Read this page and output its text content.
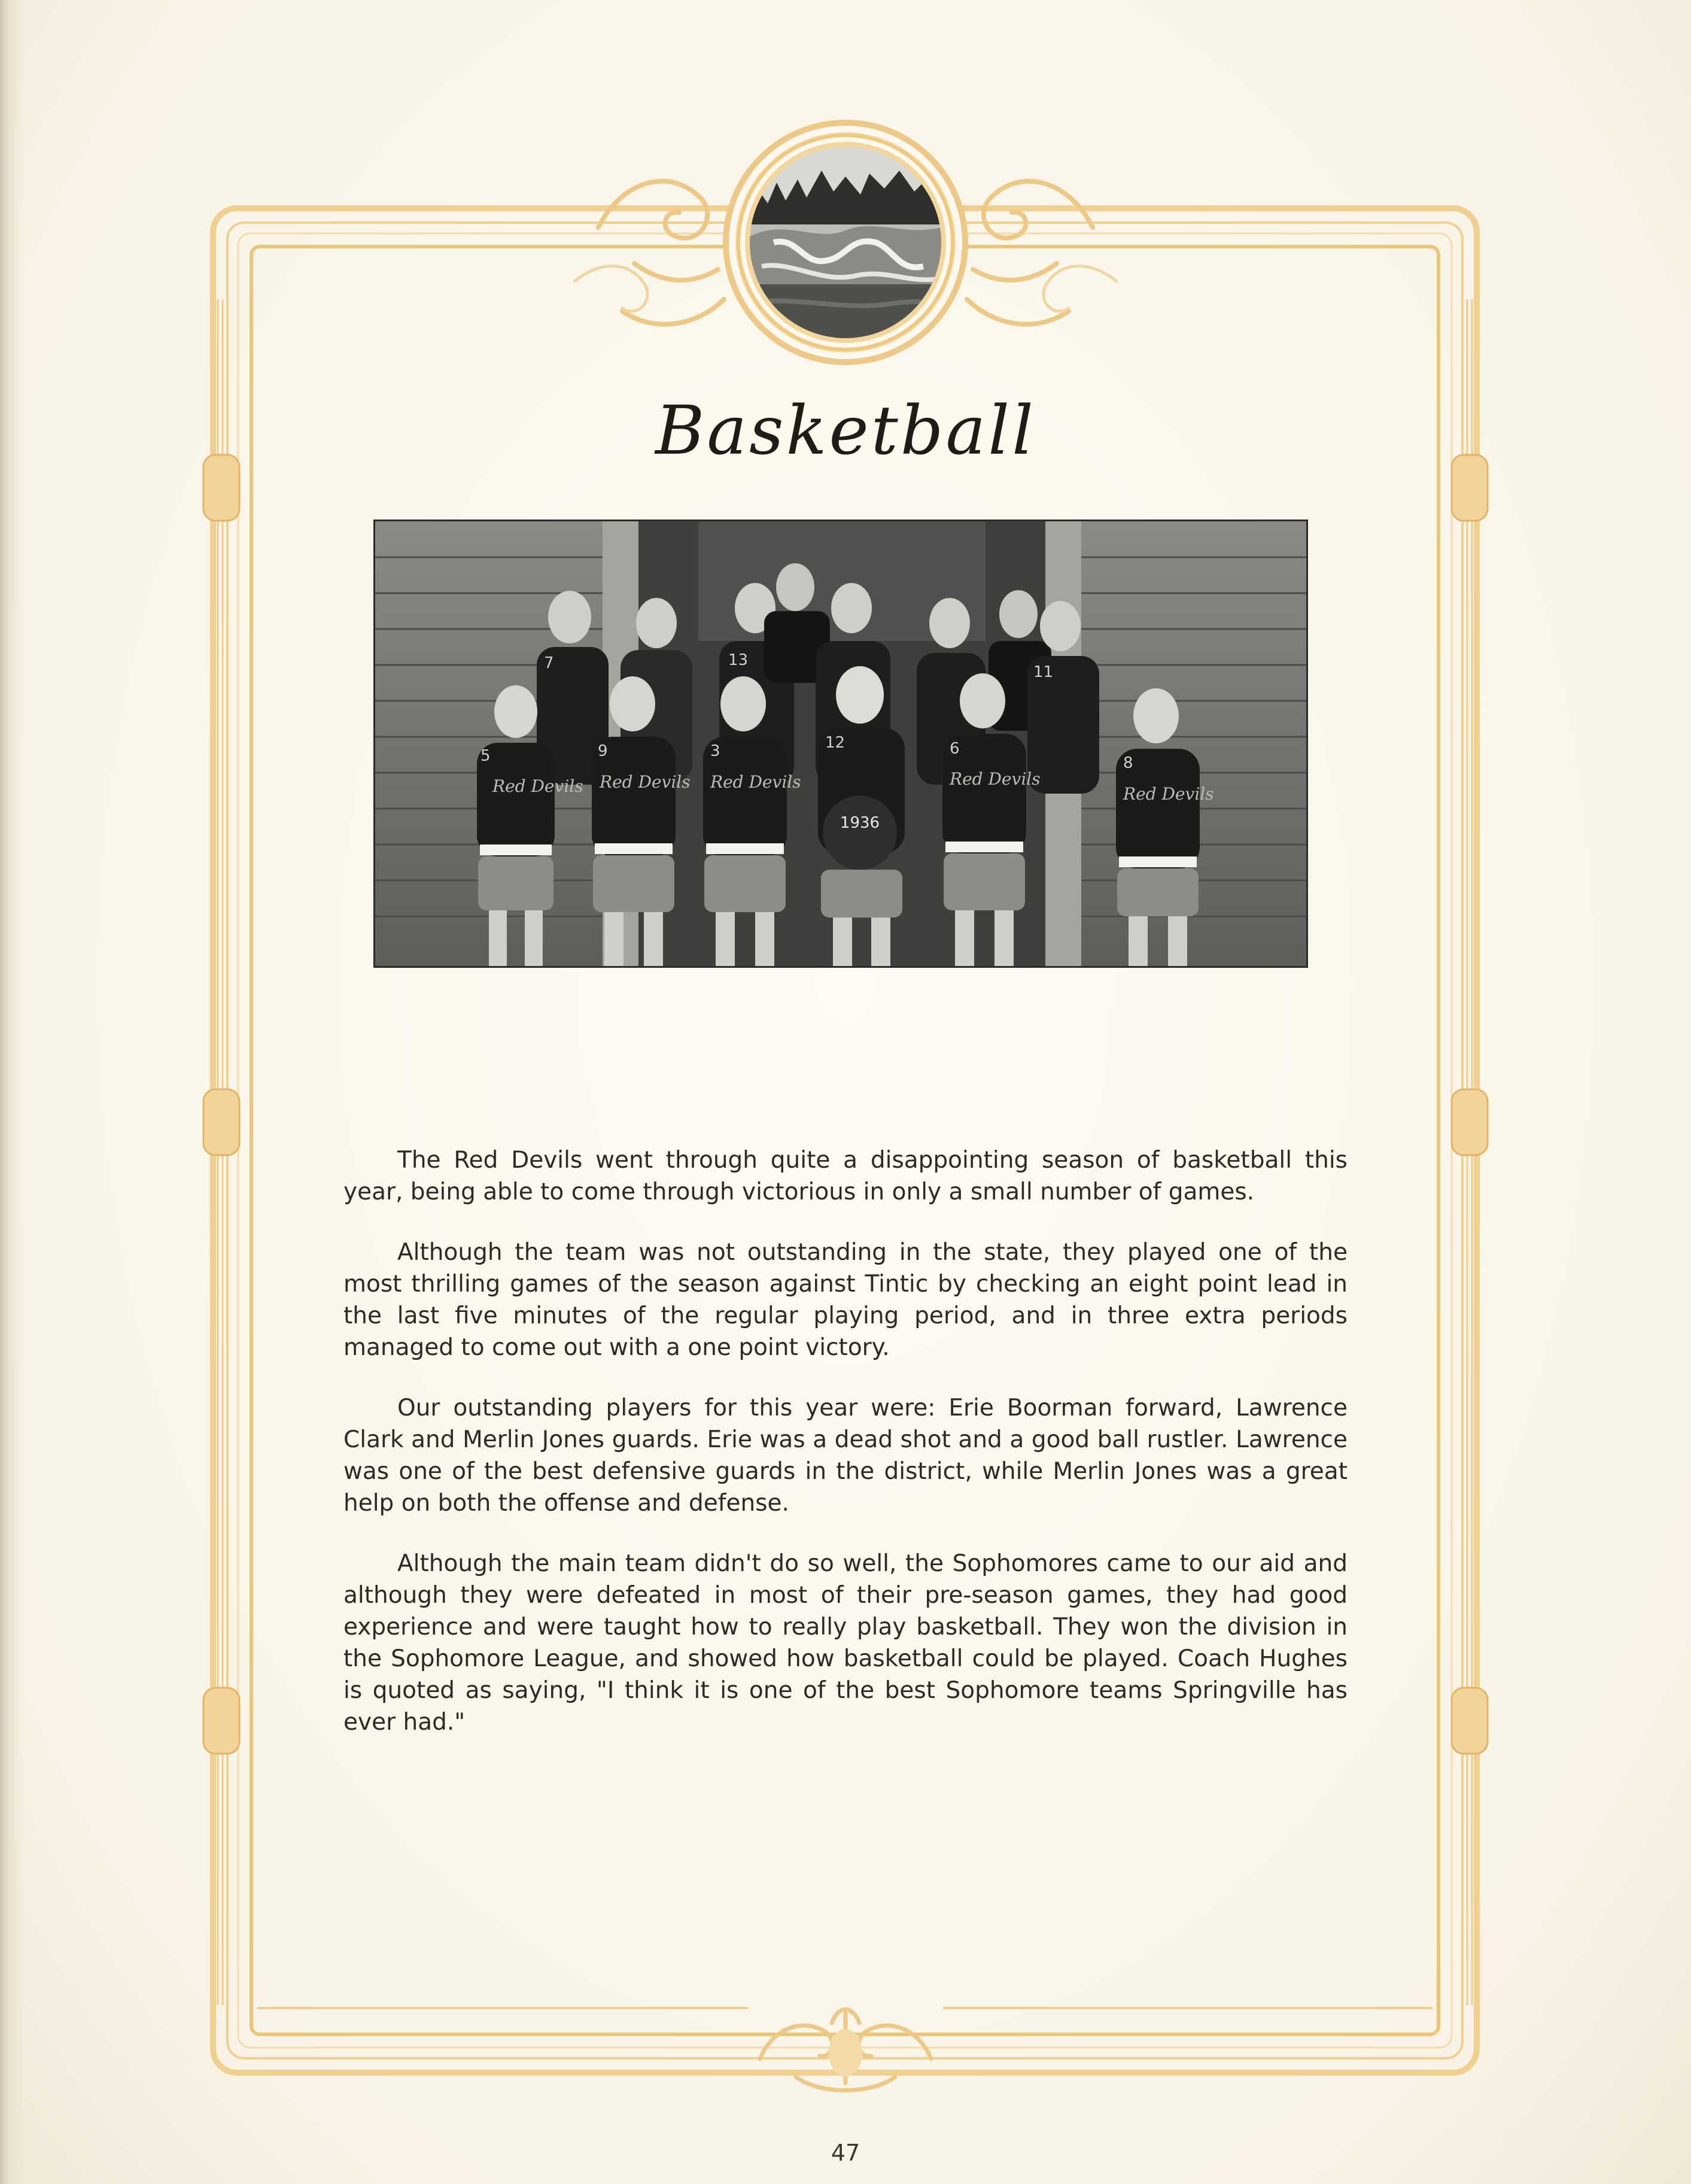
Basketball
1936
Red Devils Red Devils Red Devils	Red Devils
Red Devils
5	9	3	12	6
8
7	13
11

The Red Devils went through quite a disappointing season of basketball this year, being able to come through victorious in only a small number of games.

Although the team was not outstanding in the state, they played one of the most thrilling games of the season against Tintic by checking an eight point lead in the last five minutes of the regular playing period, and in three extra periods managed to come out with a one point victory.

Our outstanding players for this year were: Erie Boorman forward, Lawrence Clark and Merlin Jones guards. Erie was a dead shot and a good ball rustler. Lawrence was one of the best defensive guards in the district, while Merlin Jones was a great help on both the offense and defense.

Although the main team didn't do so well, the Sophomores came to our aid and although they were defeated in most of their pre-season games, they had good experience and were taught how to really play basketball. They won the division in the Sophomore League, and showed how basketball could be played. Coach Hughes is quoted as saying, "I think it is one of the best Sophomore teams Springville has ever had."

47
